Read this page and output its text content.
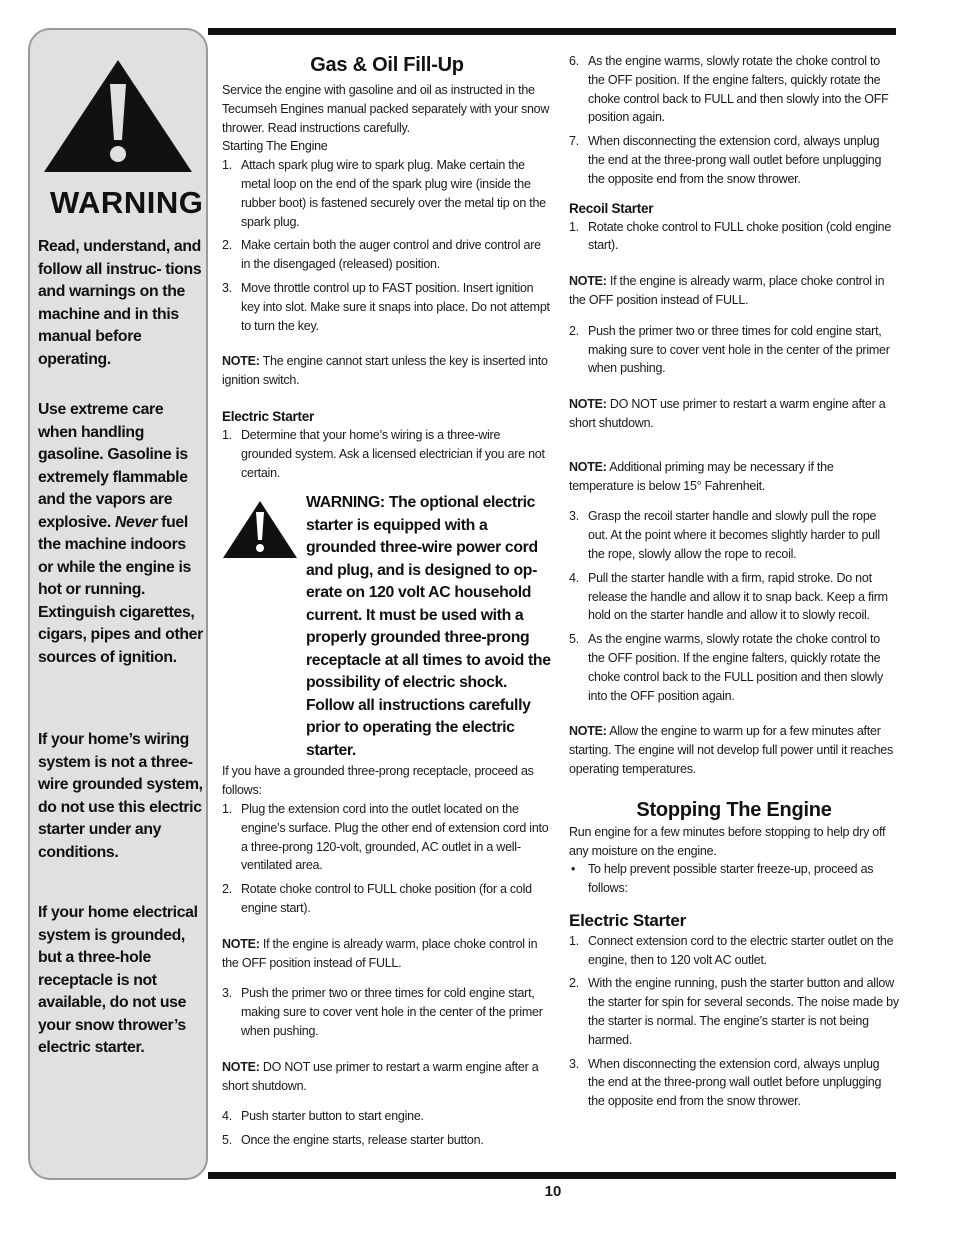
WARNING
Read, understand, and follow all instruc- tions and warnings on the machine and in this manual before operating.
Use extreme care when handling gasoline. Gasoline is extremely flammable and the vapors are explosive. Never fuel the machine indoors or while the engine is hot or running. Extinguish cigarettes, cigars, pipes and other sources of ignition.
If your home’s wiring system is not a three-wire grounded system, do not use this electric starter under any conditions.
If your home electrical system is grounded, but a three-hole receptacle is not available, do not use your snow thrower’s electric starter.
Gas & Oil Fill-Up

Service the engine with gasoline and oil as instructed in the Tecumseh Engines manual packed separately with your snow thrower. Read instructions carefully.

Starting The Engine

1. Attach spark plug wire to spark plug. Make certain the metal loop on the end of the spark plug wire (inside the rubber boot) is fastened securely over the metal tip on the spark plug.
2. Make certain both the auger control and drive control are in the disengaged (released) position.
3. Move throttle control up to FAST position. Insert ignition key into slot. Make sure it snaps into place. Do not attempt to turn the key.

NOTE: The engine cannot start unless the key is inserted into ignition switch.

Electric Starter
1. Determine that your home’s wiring is a three-wire grounded system. Ask a licensed electrician if you are not certain.
WARNING: The optional electric starter is equipped with a grounded three-wire power cord and plug, and is designed to op- erate on 120 volt AC household current. It must be used with a properly grounded three-prong receptacle at all times to avoid the possibility of electric shock. Follow all instructions carefully prior to operating the electric starter.

If you have a grounded three-prong receptacle, proceed as follows:

1. Plug the extension cord into the outlet located on the engine’s surface. Plug the other end of extension cord into a three-prong 120-volt, grounded, AC outlet in a well-ventilated area.
2. Rotate choke control to FULL choke position (for a cold engine start).

NOTE: If the engine is already warm, place choke control in the OFF position instead of FULL.

3. Push the primer two or three times for cold engine start, making sure to cover vent hole in the center of the primer when pushing.

NOTE: DO NOT use primer to restart a warm engine after a short shutdown.

4. Push starter button to start engine.
5. Once the engine starts, release starter button.
6. As the engine warms, slowly rotate the choke control to the OFF position. If the engine falters, quickly rotate the choke control back to FULL and then slowly into the OFF position again.
7. When disconnecting the extension cord, always unplug the end at the three-prong wall outlet before unplugging the opposite end from the snow thrower.
Recoil Starter
1. Rotate choke control to FULL choke position (cold engine start).

NOTE: If the engine is already warm, place choke control in the OFF position instead of FULL.

2. Push the primer two or three times for cold engine start, making sure to cover vent hole in the center of the primer when pushing.

NOTE: DO NOT use primer to restart a warm engine after a short shutdown.

NOTE: Additional priming may be necessary if the temperature is below 15° Fahrenheit.

3. Grasp the recoil starter handle and slowly pull the rope out. At the point where it becomes slightly harder to pull the rope, slowly allow the rope to recoil.
4. Pull the starter handle with a firm, rapid stroke. Do not release the handle and allow it to snap back. Keep a firm hold on the starter handle and allow it to slowly recoil.
5. As the engine warms, slowly rotate the choke control to the OFF position. If the engine falters, quickly rotate the choke control back to the FULL position and then slowly into the OFF position again.

NOTE: Allow the engine to warm up for a few minutes after starting. The engine will not develop full power until it reaches operating temperatures.

Stopping The Engine

Run engine for a few minutes before stopping to help dry off any moisture on the engine.

• To help prevent possible starter freeze-up, proceed as follows:
Electric Starter
1. Connect extension cord to the electric starter outlet on the engine, then to 120 volt AC outlet.
2. With the engine running, push the starter button and allow the starter for spin for several seconds. The noise made by the starter is normal. The engine’s starter is not being harmed.
3. When disconnecting the extension cord, always unplug the end at the three-prong wall outlet before unplugging the opposite end from the snow thrower.
10
